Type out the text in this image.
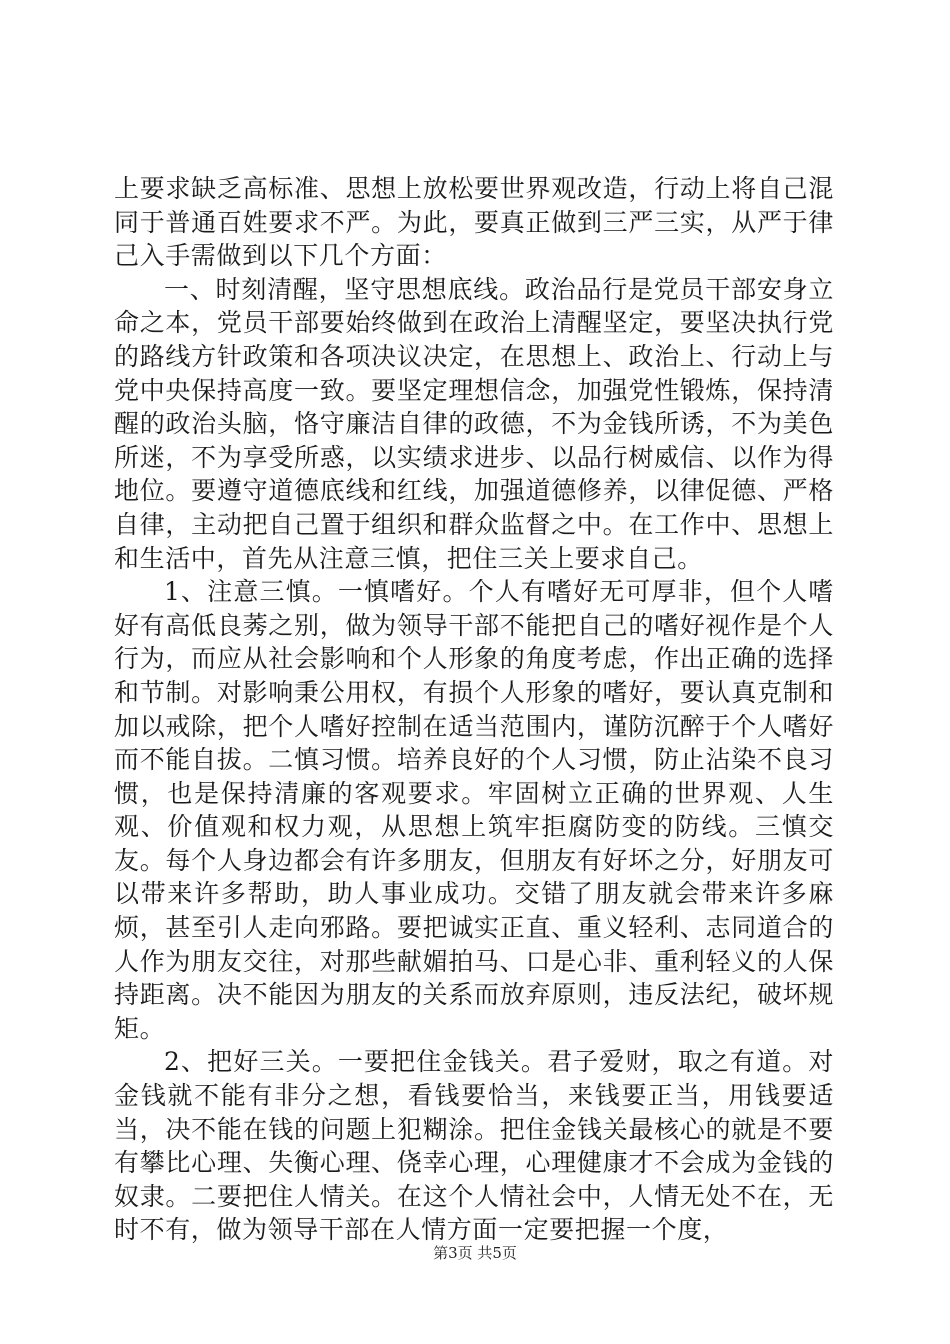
上要求缺乏高标准、思想上放松要世界观改造，行动上将自己混同于普通百姓要求不严。为此，要真正做到三严三实，从严于律己入手需做到以下几个方面：

一、时刻清醒，坚守思想底线。政治品行是党员干部安身立命之本，党员干部要始终做到在政治上清醒坚定，要坚决执行党的路线方针政策和各项决议决定，在思想上、政治上、行动上与党中央保持高度一致。要坚定理想信念，加强党性锻炼，保持清醒的政治头脑，恪守廉洁自律的政德，不为金钱所诱，不为美色所迷，不为享受所惑，以实绩求进步、以品行树威信、以作为得地位。要遵守道德底线和红线，加强道德修养，以律促德、严格自律，主动把自己置于组织和群众监督之中。在工作中、思想上和生活中，首先从注意三慎，把住三关上要求自己。

1、注意三慎。一慎嗜好。个人有嗜好无可厚非，但个人嗜好有高低良莠之别，做为领导干部不能把自己的嗜好视作是个人行为，而应从社会影响和个人形象的角度考虑，作出正确的选择和节制。对影响秉公用权，有损个人形象的嗜好，要认真克制和加以戒除，把个人嗜好控制在适当范围内，谨防沉醉于个人嗜好而不能自拔。二慎习惯。培养良好的个人习惯，防止沾染不良习惯，也是保持清廉的客观要求。牢固树立正确的世界观、人生观、价值观和权力观，从思想上筑牢拒腐防变的防线。三慎交友。每个人身边都会有许多朋友，但朋友有好坏之分，好朋友可以带来许多帮助，助人事业成功。交错了朋友就会带来许多麻烦，甚至引人走向邪路。要把诚实正直、重义轻利、志同道合的人作为朋友交往，对那些献媚拍马、口是心非、重利轻义的人保持距离。决不能因为朋友的关系而放弃原则，违反法纪，破坏规矩。

2、把好三关。一要把住金钱关。君子爱财，取之有道。对金钱就不能有非分之想，看钱要恰当，来钱要正当，用钱要适当，决不能在钱的问题上犯糊涂。把住金钱关最核心的就是不要有攀比心理、失衡心理、侥幸心理，心理健康才不会成为金钱的奴隶。二要把住人情关。在这个人情社会中，人情无处不在，无时不有，做为领导干部在人情方面一定要把握一个度，

第3页 共5页
